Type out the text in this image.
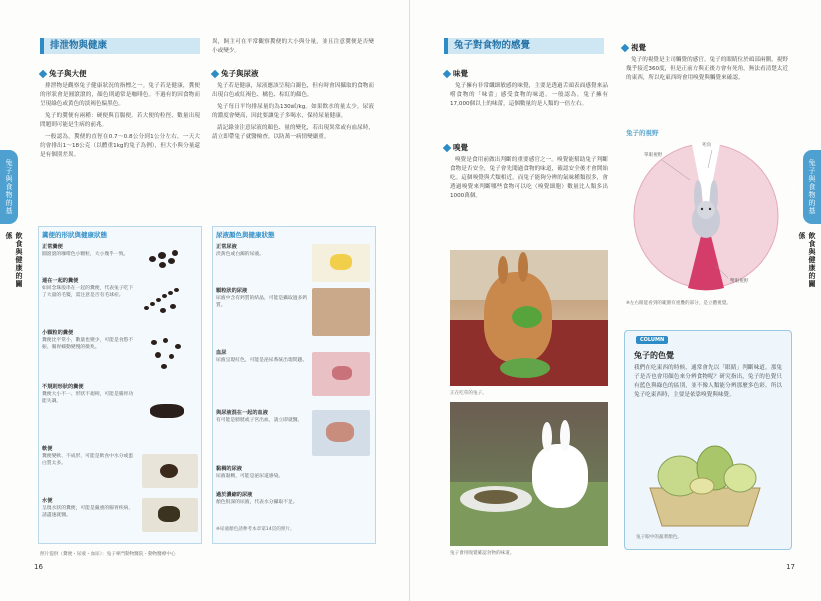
兔子與食物的基
飲食與健康的關係
排泄物與健康
兔子與大便

排泄物是觀察兔子健康狀況的指標之一。兔子若是健康，糞便的形狀會是圓滾滾的，顏色則通常是咖啡色。不過有的因食物而呈現綠色或黃色的淡褐色偏黑色。

兔子的糞便有兩種：硬便與盲腸便。若大便的粒徑、數量出現問題則可能是生病的前兆。

一般認為，糞便的直徑在0.7〜0.8公分到1公分左右，一天大約會排出1〜18公克（以體重1kg的兔子為例），但大小與分量還是有個別差異。

異，飼主可在平常觀察糞便的大小與分量，並且注意糞便是否變小或變少。

兔子與尿液

兔子若是健康，尿液應該呈現白濁色，但有時會因攝取的食物而出現白色或紅褐色、橘色、棕紅的顏色。

兔子每日平均排尿量約為130㎖/kg。如果飲水的量太少，尿液的濃度會變高，因此要讓兔子多喝水，保持尿量健康。

請記錄並注意尿液的顏色、量的變化，若出現異常或有血尿時，請立即帶兔子就醫檢查，以防萬一病情變嚴重。

糞便的形狀與健康狀態
正常糞便
圓滾滾的咖啡色小顆粒，大小幾乎一致。
連在一起的糞便
如同念珠般串在一起的糞便，代表兔子吃下了大量的毛髮，需注意是否有毛球症。
小顆粒的糞便
糞便比平常小，數量也變少，可能是食慾不振、腸胃蠕動變慢的徵兆。
不規則形狀的糞便
糞便大小不一、形狀不規則，可能是腸胃功能失調。
軟便
糞便變軟、不成形，可能是飲食中水分或蛋白質太多。
水便
呈現水狀的糞便，可能是嚴重的腸胃疾病，請盡速就醫。
尿液顏色與健康狀態
正常尿液
淡黃色或白濁的尿液。
顆粒狀的尿液
尿液中含有鈣質的結晶，可能是攝取過多鈣質。
血尿
尿液呈現紅色，可能是泌尿系統出現問題。
與尿液混在一起的血液
有可能是膀胱或子宮出血，請立即就醫。
黏稠的尿液
尿液黏稠，可能是泌尿道感染。
過於濃縮的尿液
顏色很深的尿液，代表水分攝取不足。
※尿液顏色請參考本章第14頁的照片。
照片提供（糞便・尿液・血尿）：兔子專門動物醫院・動物醫療中心
16
兔子與食物的基本
飲食與健康的關係
兔子對食物的感覺
味覺

兔子擁有非常纖細敏感的味覺，主要是透過舌頭表面感覺來品嚐食物的「味蕾」感受食物的味道。一般認為，兔子擁有17,000個以上的味蕾，這個數量約是人類的一倍左右。

嗅覺

嗅覺是食用前做出判斷的重要感官之一。嗅覺能幫助兔子判斷食物是否安全，兔子會先聞過食物的味道，確認安全後才會開始吃。這個嗅覺與犬類相近，而兔子能夠分辨的氣味種類很多，會透過嗅覺來判斷哪些食物可以吃（嗅覺細胞）數量比人類多出1000萬個。

視覺

兔子的視覺是主司觸覺的感官。兔子的眼睛位於頭部兩側，視野幾乎接近360度，但是正前方與正後方會有死角，無法看清楚太近的東西，所以吃東西時會用嗅覺與觸覺來確認。

兔子的視野
單眼視野
死角
雙眼視野
※左右眼能看到的範圍有重疊的部分，是立體視覺。
正在吃草的兔子。
兔子會用嗅覺確認食物的味道。
COLUMN
兔子的色覺

我們在吃東西的時候，通常會先以「眼睛」判斷味道。那兔子是否也會用顏色來分辨食物呢？研究指出，兔子的色覺只有藍色與綠色的區別，並不像人類能分辨那麼多色彩。所以兔子吃東西時，主要是依靠嗅覺與味覺。

兔子眼中的蔬菜顏色。
17
